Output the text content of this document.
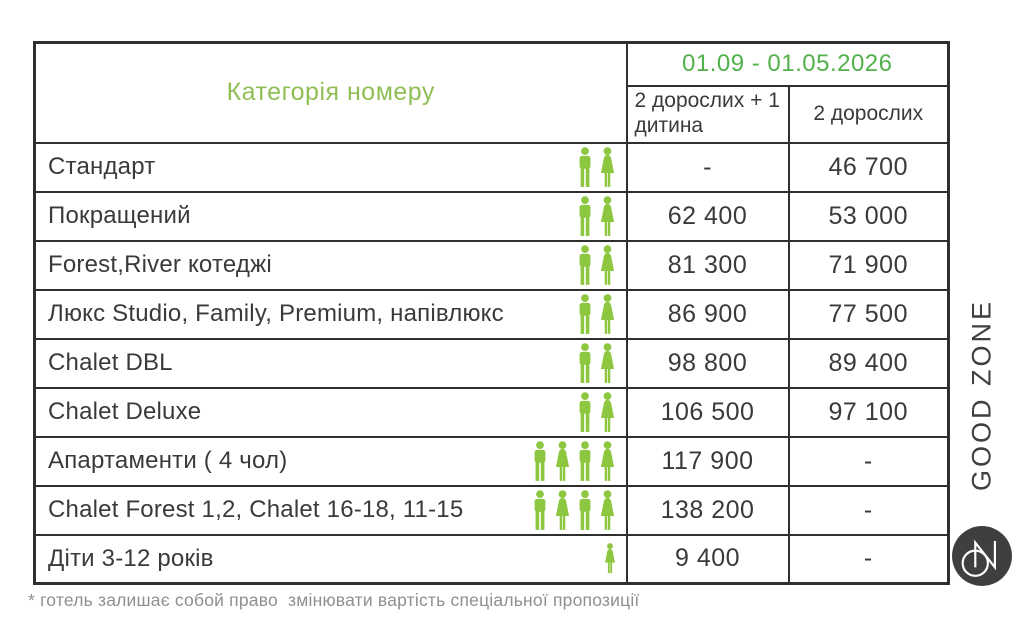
Категорія номеру	01.09 - 01.05.2026	
	2 дорослих + 1 дитина	2 дорослих

Стандарт	-	46 700

Покращений	62 400	53 000

Forest,River котеджі	81 300	71 900

Люкс Studio, Family, Premium, напівлюкс	86 900	77 500

Chalet DBL	98 800	89 400

Chalet Deluxe	106 500	97 100

Апартаменти ( 4 чол)	117 900	-

Chalet Forest 1,2, Chalet 16-18, 11-15	138 200	-

Діти 3-12 років	9 400	-
* готель залишає собой право  змінювати вартість спеціальної пропозиції
GOOD ZONE
